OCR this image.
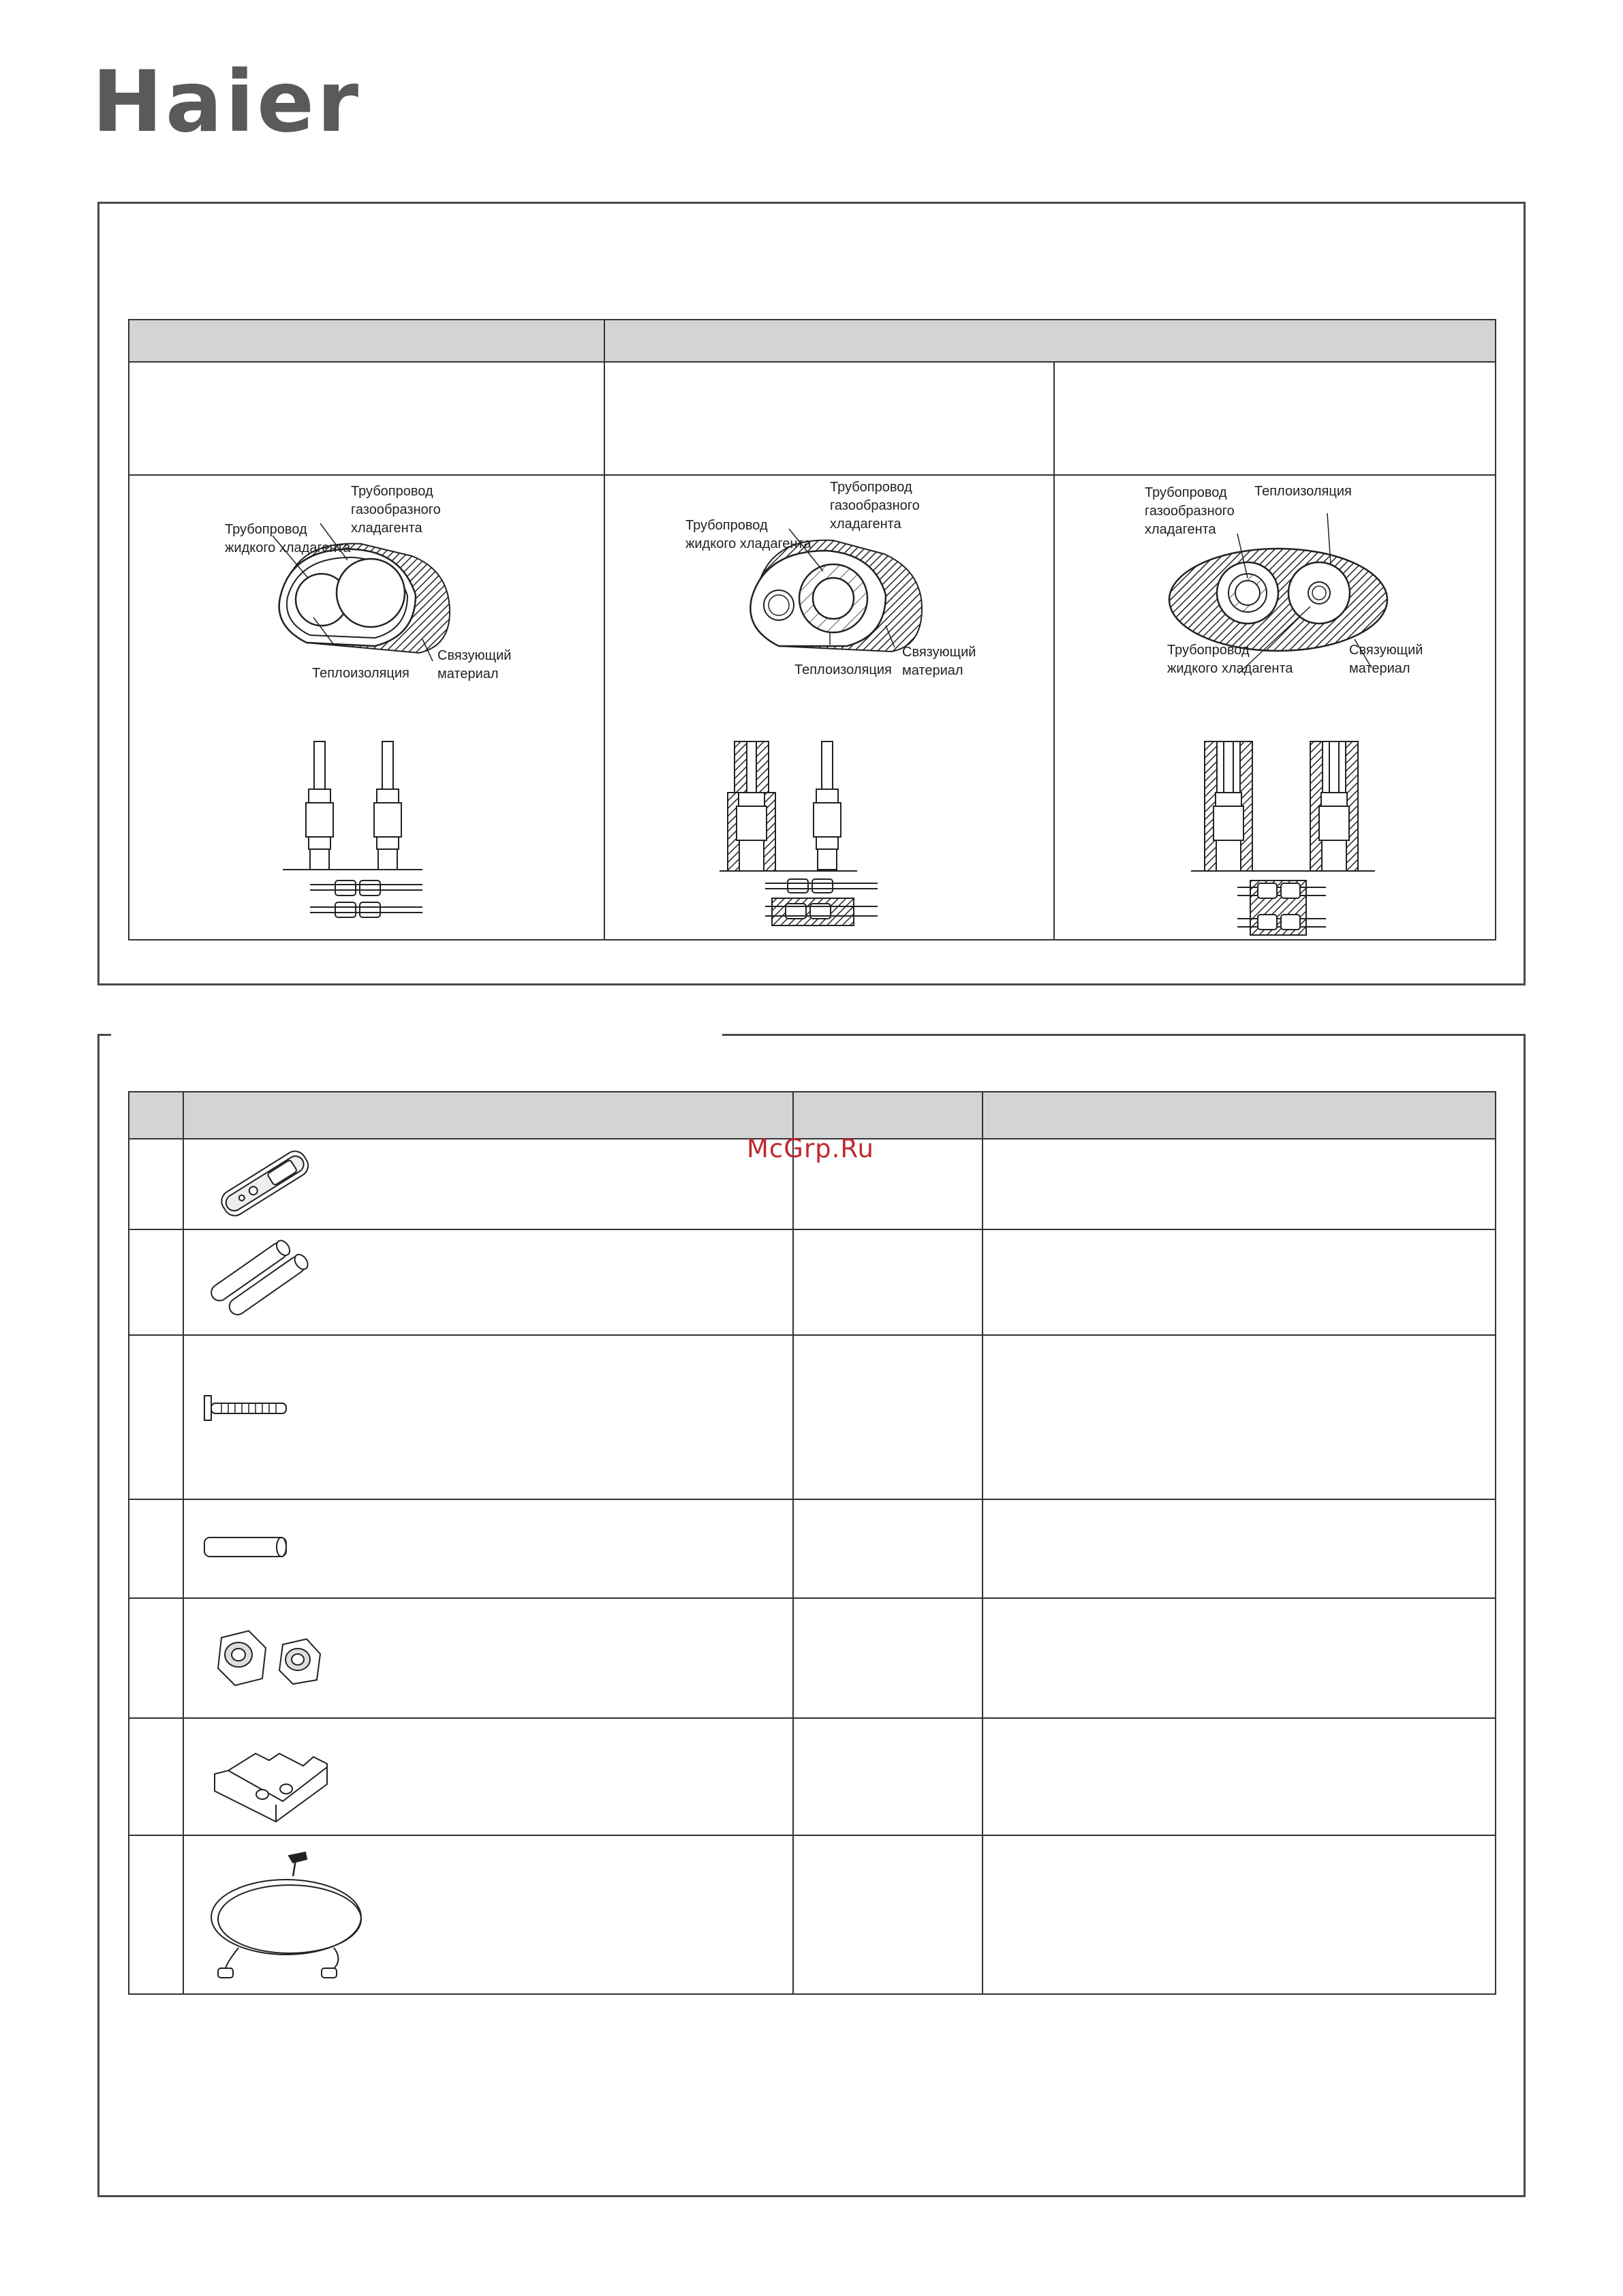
Haier
Трубопровод
газообразного
хладагента
Трубопровод
жидкого хладагента
Теплоизоляция
Связующий
материал
Трубопровод
газообразного
хладагента
Трубопровод
жидкого хладагента
Теплоизоляция
Связующий
материал
Трубопровод
газообразного
хладагента
Теплоизоляция
Трубопровод
жидкого хладагента
Связующий
материал
McGrp.Ru
